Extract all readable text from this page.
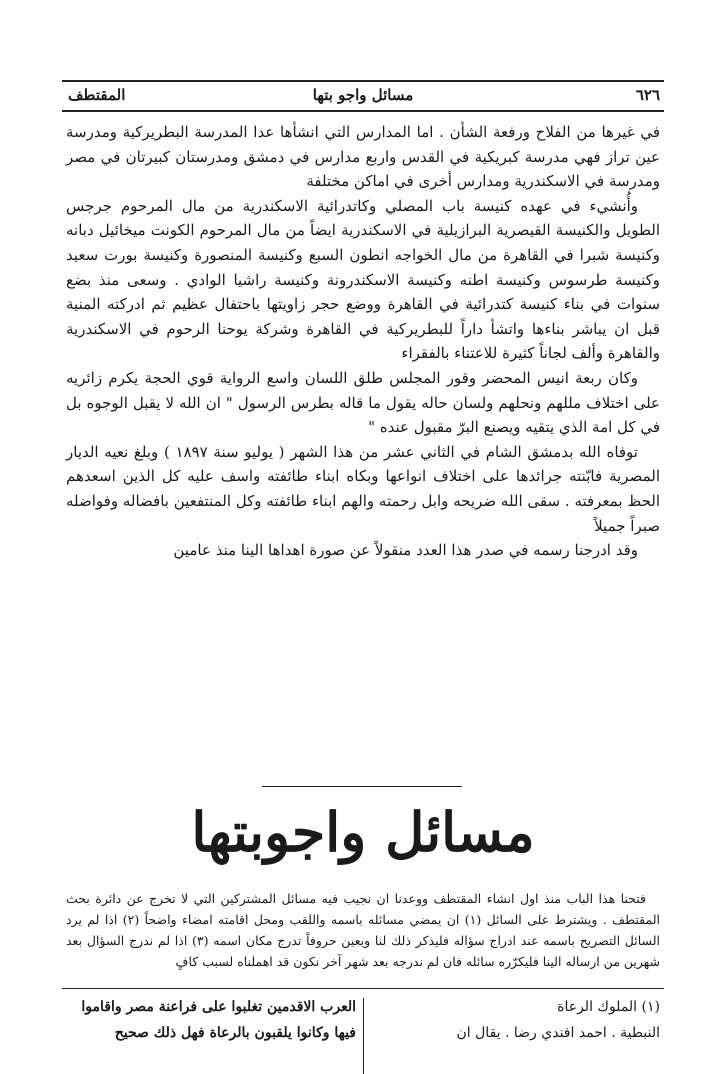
٦٢٦
مسائل واجو بتها
المقتطف

في غيرها من الفلاح ورفعة الشأن . اما المدارس التي انشأها عدا المدرسة البطريركية ومدرسة عين تراز فهي مدرسة كبريكية في القدس واربع مدارس في دمشق ومدرستان كبيرتان في مصر ومدرسة في الاسكندرية ومدارس أخرى في اماكن مختلفة

وأُنشيء في عهده كنيسة باب المصلي وكاتدرائية الاسكندرية من مال المرحوم جرجس الطويل والكنيسة القيصرية البرازيلية في الاسكندرية ايضاً من مال المرحوم الكونت ميخائيل دبانه وكنيسة شبرا في القاهرة من مال الخواجه انطون السبع وكنيسة المنصورة وكنيسة بورت سعيد وكنيسة طرسوس وكنيسة اطنه وكنيسة الاسكندرونة وكنيسة راشيا الوادي . وسعى منذ بضع سنوات في بناء كنيسة كتدرائية في القاهرة ووضع حجر زاويتها باحتفال عظيم ثم ادركته المنية قبل ان يباشر بناءها واتشأ داراً للبطريركية في القاهرة وشركة يوحنا الرحوم في الاسكندرية والقاهرة وألف لجاناً كثيرة للاعتناء بالفقراء

وكان ربعة انيس المحضر وقور المجلس طلق اللسان واسع الرواية قوي الحجة يكرم زائريه على اختلاف مللهم ونحلهم ولسان حاله يقول ما قاله بطرس الرسول " ان الله لا يقبل الوجوه بل في كل امة الذي يتقيه ويصنع البرّ مقبول عنده "

توفاه الله بدمشق الشام في الثاني عشر من هذا الشهر ( يوليو سنة ١٨٩٧ ) وبلغ نعيه الديار المصرية فابّنته جرائدها على اختلاف انواعها وبكاه ابناء طائفته واسف عليه كل الذين اسعدهم الحظ بمعرفته . سقى الله ضريحه وابل رحمته والهم ابناء طائفته وكل المنتفعين بافضاله وفواضله صبراً جميلاً

وقد ادرجنا رسمه في صدر هذا العدد منقولاً عن صورة اهداها الينا منذ عامين

مسائل واجوبتها

فتحنا هذا الباب منذ اول انشاء المقتطف ووعدنا ان نجيب فيه مسائل المشتركين التي لا تخرج عن دائرة بحث المقتطف . ويشترط على السائل (١) ان يمضي مسائله باسمه واللقب ومحل اقامته امضاء واضحاً (٢) اذا لم يرد السائل التصريح باسمه عند ادراج سؤاله فليذكر ذلك لنا ويعين حروفاً تدرج مكان اسمه (٣) اذا لم ندرج السؤال بعد شهرين من ارساله الينا فليكرّره سائله فان لم ندرجه بعد شهر آخر نكون قد اهملناه لسبب كافٍ

(١) الملوك الرعاة
النبطية . احمد افندي رضا . يقال ان
العرب الاقدمين تغلبوا على فراعنة مصر واقاموا
فيها وكانوا يلقبون بالرعاة فهل ذلك صحيح
